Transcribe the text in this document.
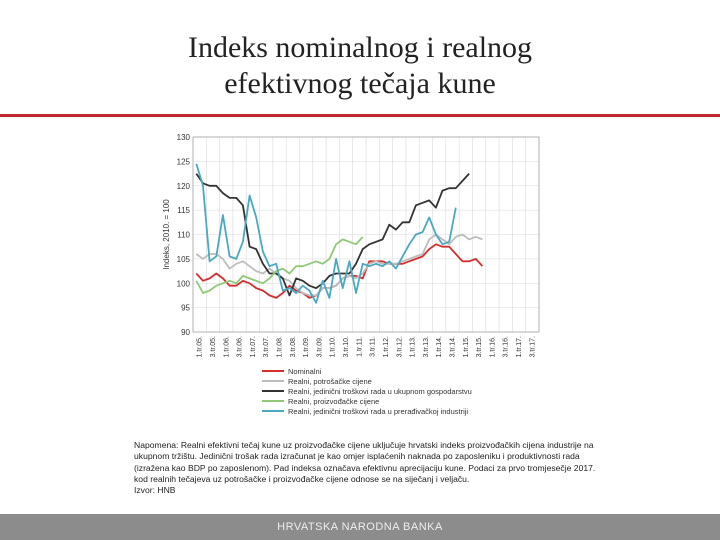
Indeks nominalnog i realnog
efektivnog tečaja kune
90
95
100
105
110
115
120
125
130
Indeks, 2010. = 100
1.tr.05. 3.tr.05. 1.tr.06. 3.tr.06. 1.tr.07. 3.tr.07. 1.tr.08. 3.tr.08. 1.tr.09. 3.tr.09. 1.tr.10. 3.tr.10. 1.tr.11. 3.tr.11. 1.tr.12. 3.tr.12. 1.tr.13. 3.tr.13. 1.tr.14. 3.tr.14. 1.tr.15. 3.tr.15. 1.tr.16. 3.tr.16. 1.tr.17. 3.tr.17.
Nominalni
Realni, potrošačke cijene
Realni, jedinični troškovi rada u ukupnom gospodarstvu
Realni, proizvođačke cijene
Realni, jedinični troškovi rada u prerađivačkoj industriji
Napomena: Realni efektivni tečaj kune uz proizvođačke cijene uključuje hrvatski indeks proizvođačkih cijena industrije na
ukupnom tržištu. Jedinični trošak rada izračunat je kao omjer isplaćenih naknada po zaposleniku i produktivnosti rada
(izražena kao BDP po zaposlenom). Pad indeksa označava efektivnu aprecijaciju kune. Podaci za prvo tromjesečje 2017.
kod realnih tečajeva uz potrošačke i proizvođačke cijene odnose se na siječanj i veljaču.
Izvor: HNB
HRVATSKA NARODNA BANKA
